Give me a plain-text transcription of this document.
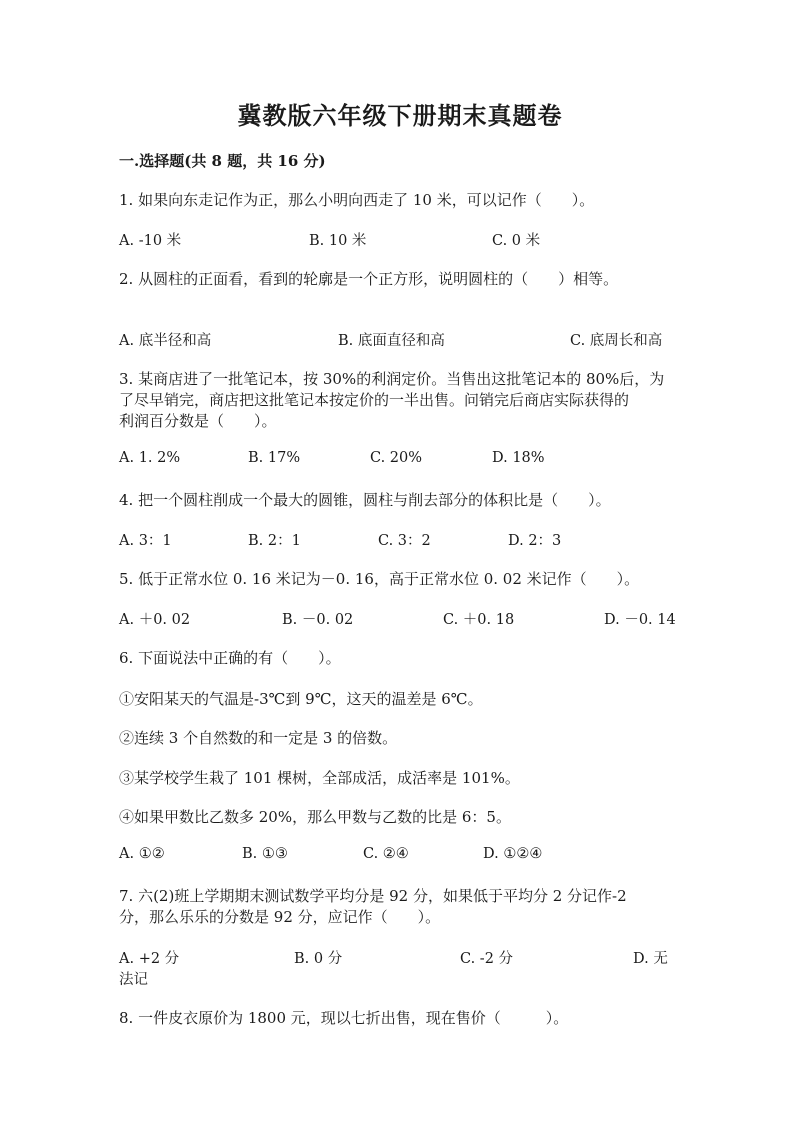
冀教版六年级下册期末真题卷
一.选择题(共 8 题，共 16 分)
1. 如果向东走记作为正，那么小明向西走了 10 米，可以记作（　　）。
A. -10 米	B. 10 米	C. 0 米
2. 从圆柱的正面看，看到的轮廓是一个正方形，说明圆柱的（　　）相等。
A. 底半径和高	B. 底面直径和高	C. 底周长和高
3. 某商店进了一批笔记本，按 30%的利润定价。当售出这批笔记本的 80%后，为
了尽早销完，商店把这批笔记本按定价的一半出售。问销完后商店实际获得的
利润百分数是（　　）。
A. 1. 2%	B. 17%	C. 20%	D. 18%
4. 把一个圆柱削成一个最大的圆锥，圆柱与削去部分的体积比是（　　）。
A. 3：1	B. 2：1	C. 3：2	D. 2：3
5. 低于正常水位 0. 16 米记为－0. 16，高于正常水位 0. 02 米记作（　　）。
A. ＋0. 02	B. －0. 02	C. ＋0. 18	D. －0. 14
6. 下面说法中正确的有（　　）。
①安阳某天的气温是-3℃到 9℃，这天的温差是 6℃。
②连续 3 个自然数的和一定是 3 的倍数。
③某学校学生栽了 101 棵树，全部成活，成活率是 101%。
④如果甲数比乙数多 20%，那么甲数与乙数的比是 6：5。
A. ①②	B. ①③	C. ②④	D. ①②④
7. 六(2)班上学期期末测试数学平均分是 92 分，如果低于平均分 2 分记作-2
分，那么乐乐的分数是 92 分，应记作（　　）。
A. +2 分	B. 0 分	C. -2 分	D. 无
法记
8. 一件皮衣原价为 1800 元，现以七折出售，现在售价（　　　）。
